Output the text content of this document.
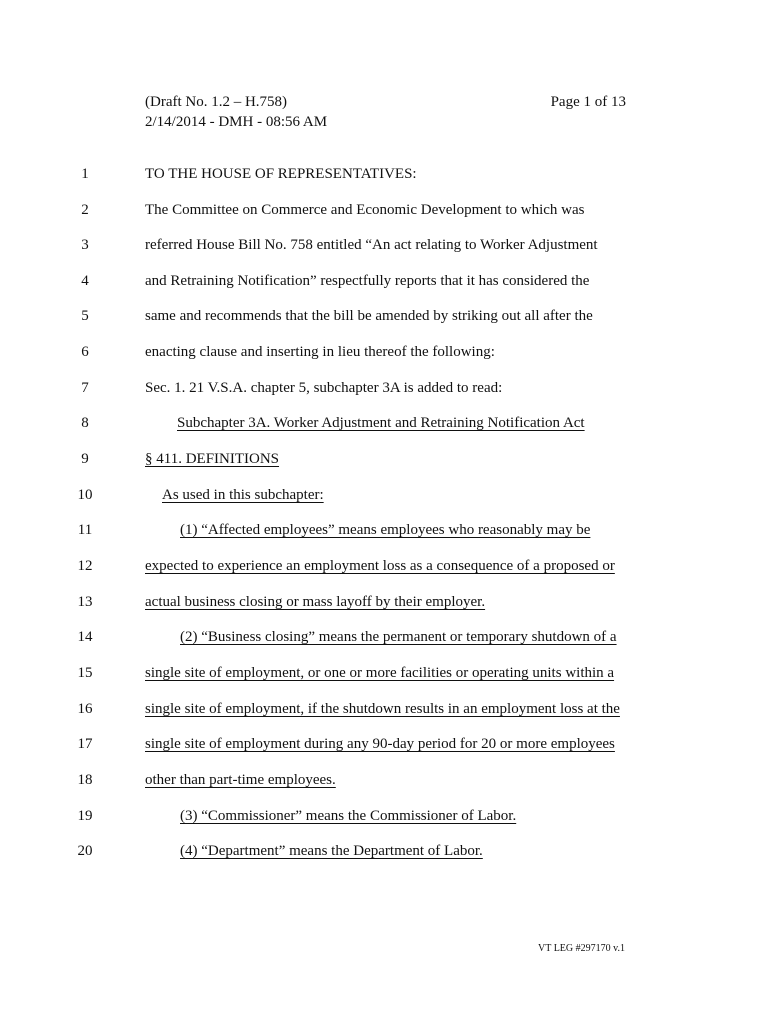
(Draft No. 1.2 – H.758)
2/14/2014 - DMH - 08:56 AM
Page 1 of 13
1	TO THE HOUSE OF REPRESENTATIVES:
2	The Committee on Commerce and Economic Development to which was
3	referred House Bill No. 758 entitled “An act relating to Worker Adjustment
4	and Retraining Notification” respectfully reports that it has considered the
5	same and recommends that the bill be amended by striking out all after the
6	enacting clause and inserting in lieu thereof the following:
7	Sec. 1. 21 V.S.A. chapter 5, subchapter 3A is added to read:
8	Subchapter 3A. Worker Adjustment and Retraining Notification Act
9	§ 411. DEFINITIONS
10	As used in this subchapter:
11	(1) “Affected employees” means employees who reasonably may be
12	expected to experience an employment loss as a consequence of a proposed or
13	actual business closing or mass layoff by their employer.
14	(2) “Business closing” means the permanent or temporary shutdown of a
15	single site of employment, or one or more facilities or operating units within a
16	single site of employment, if the shutdown results in an employment loss at the
17	single site of employment during any 90-day period for 20 or more employees
18	other than part-time employees.
19	(3) “Commissioner” means the Commissioner of Labor.
20	(4) “Department” means the Department of Labor.
VT LEG #297170 v.1
